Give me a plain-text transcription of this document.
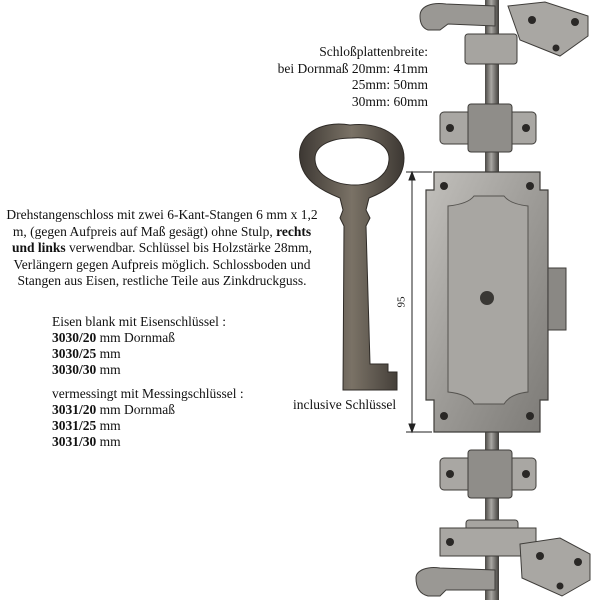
95
Schloßplattenbreite:
bei Dornmaß 20mm: 41mm
25mm: 50mm
30mm: 60mm
Drehstangenschloss mit zwei 6-Kant-Stangen 6 mm x 1,2 m, (gegen Aufpreis auf Maß gesägt) ohne Stulp, rechts und links verwendbar. Schlüssel bis Holzstärke 28mm, Verlängern gegen Aufpreis möglich. Schlossboden und Stangen aus Eisen, restliche Teile aus Zinkdruckguss.
Eisen blank mit Eisenschlüssel :
3030/20 mm Dornmaß
3030/25 mm
3030/30 mm
vermessingt mit Messingschlüssel :
3031/20 mm Dornmaß
3031/25 mm
3031/30 mm
inclusive Schlüssel
